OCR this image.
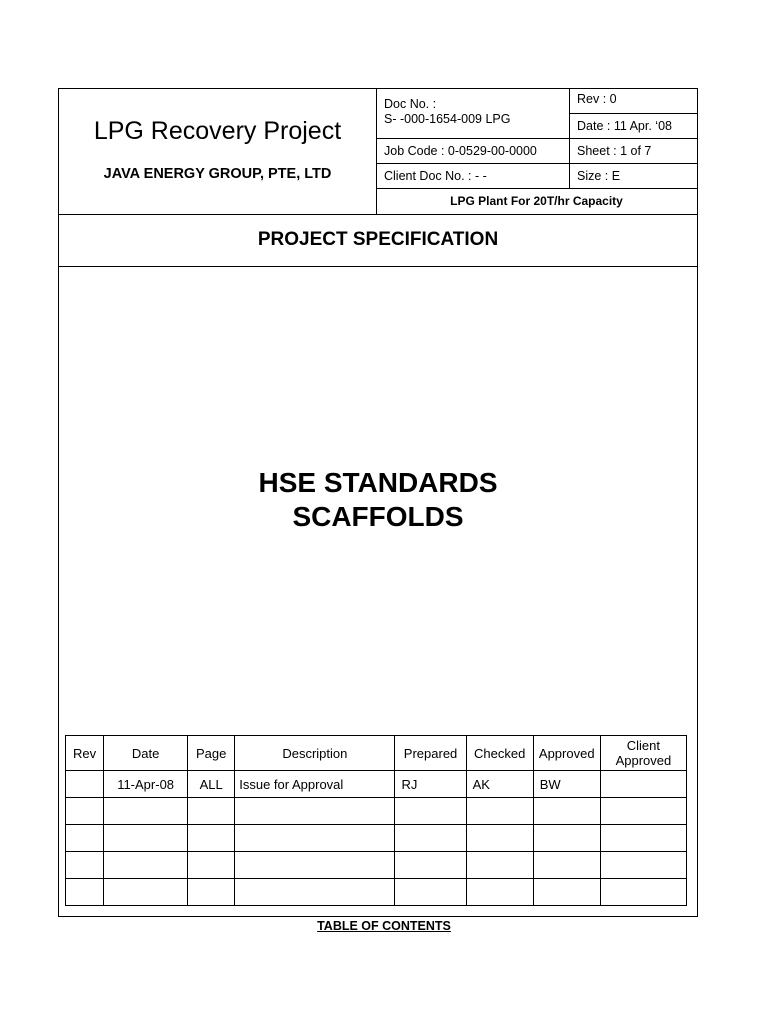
LPG Recovery Project
JAVA ENERGY GROUP, PTE, LTD
Doc No. :
S- -000-1654-009 LPG
Rev : 0
Date : 11 Apr. ‘08
Job Code : 0-0529-00-0000	Sheet : 1 of 7
Client Doc No. : - -	Size : E
LPG Plant For 20T/hr Capacity
PROJECT SPECIFICATION
HSE STANDARDS
SCAFFOLDS
Rev	Date	Page	Description	Prepared	Checked	Approved	Client Approved
	11-Apr-08	ALL	Issue for Approval	RJ	AK	BW	

TABLE OF CONTENTS
